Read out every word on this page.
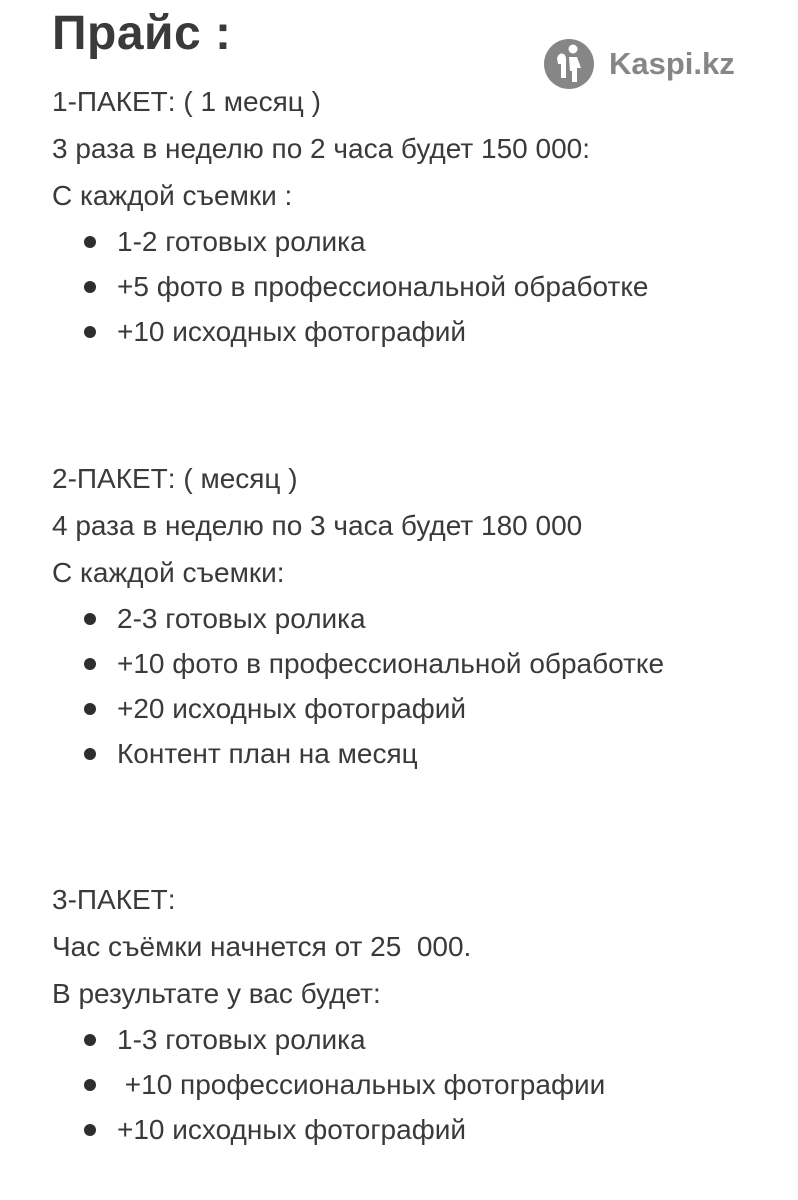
Прайс :
Kaspi.kz
1-ПАКЕТ: ( 1 месяц )
3 раза в неделю по 2 часа будет 150 000:
С каждой съемки :
1-2 готовых ролика
+5 фото в профессиональной обработке
+10 исходных фотографий
2-ПАКЕТ: ( месяц )
4 раза в неделю по 3 часа будет 180 000
С каждой съемки:
2-3 готовых ролика
+10 фото в профессиональной обработке
+20 исходных фотографий
Контент план на месяц
3-ПАКЕТ:
Час съёмки начнется от 25  000.
В результате у вас будет:
1-3 готовых ролика
+10 профессиональных фотографии
+10 исходных фотографий
